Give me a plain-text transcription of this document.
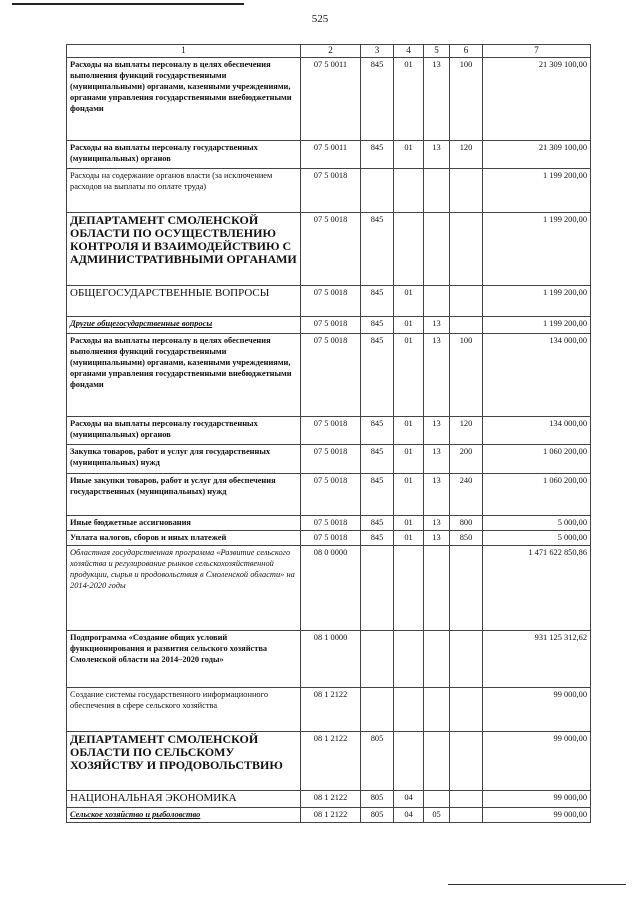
525
1	2	3	4	5	6	7
Расходы на выплаты персоналу в целях обеспечения выполнения функций государственными (муниципальными) органами, казенными учреждениями, органами управления государственными внебюджетными фондами	07 5 0011	845	01	13	100	21 309 100,00
Расходы на выплаты персоналу государственных (муниципальных) органов	07 5 0011	845	01	13	120	21 309 100,00
Расходы на содержание органов власти (за исключением расходов на выплаты по оплате труда)	07 5 0018					1 199 200,00
ДЕПАРТАМЕНТ СМОЛЕНСКОЙ ОБЛАСТИ ПО ОСУЩЕСТВЛЕНИЮ КОНТРОЛЯ И ВЗАИМОДЕЙСТВИЮ С АДМИНИСТРАТИВНЫМИ ОРГАНАМИ	07 5 0018	845				1 199 200,00
ОБЩЕГОСУДАРСТВЕННЫЕ ВОПРОСЫ	07 5 0018	845	01			1 199 200,00
Другие общегосударственные вопросы	07 5 0018	845	01	13		1 199 200,00
Расходы на выплаты персоналу в целях обеспечения выполнения функций государственными (муниципальными) органами, казенными учреждениями, органами управления государственными внебюджетными фондами	07 5 0018	845	01	13	100	134 000,00
Расходы на выплаты персоналу государственных (муниципальных) органов	07 5 0018	845	01	13	120	134 000,00
Закупка товаров, работ и услуг для государственных (муниципальных) нужд	07 5 0018	845	01	13	200	1 060 200,00
Иные закупки товаров, работ и услуг для обеспечения государственных (муниципальных) нужд	07 5 0018	845	01	13	240	1 060 200,00
Иные бюджетные ассигнования	07 5 0018	845	01	13	800	5 000,00
Уплата налогов, сборов и иных платежей	07 5 0018	845	01	13	850	5 000,00
Областная государственная программа «Развитие сельского хозяйства и регулирование рынков сельскохозяйственной продукции, сырья и продовольствия в Смоленской области» на 2014-2020 годы	08 0 0000					1 471 622 850,86
Подпрограмма «Создание общих условий функционирования и развития сельского хозяйства Смоленской области на 2014–2020 годы»	08 1 0000					931 125 312,62
Создание системы государственного информационного обеспечения в сфере сельского хозяйства	08 1 2122					99 000,00
ДЕПАРТАМЕНТ СМОЛЕНСКОЙ ОБЛАСТИ ПО СЕЛЬСКОМУ ХОЗЯЙСТВУ И ПРОДОВОЛЬСТВИЮ	08 1 2122	805				99 000,00
НАЦИОНАЛЬНАЯ ЭКОНОМИКА	08 1 2122	805	04			99 000,00
Сельское хозяйство и рыболовство	08 1 2122	805	04	05		99 000,00
